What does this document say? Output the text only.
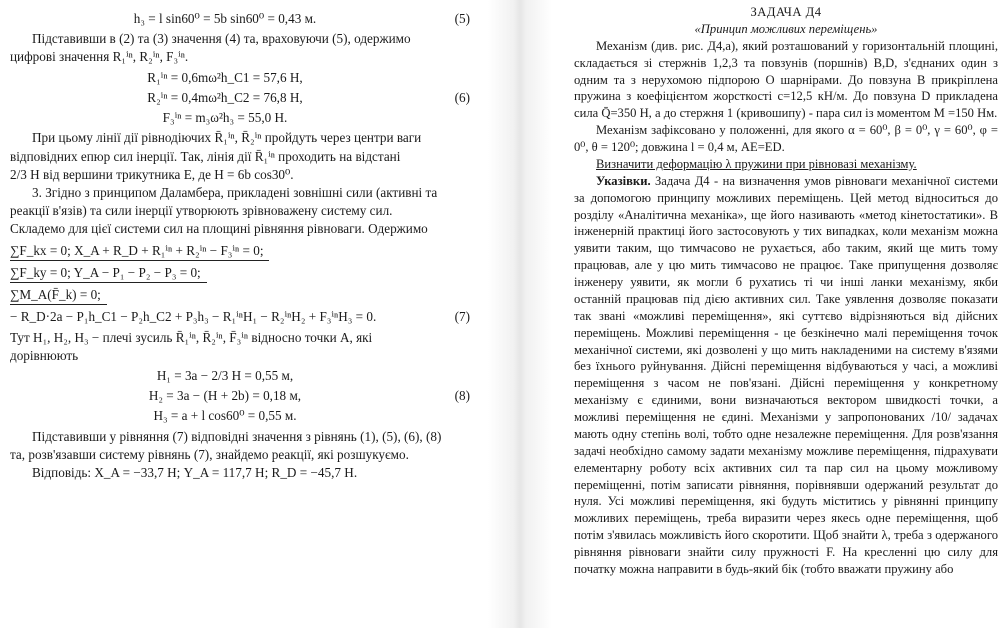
h₃ = l sin60⁰ = 5b sin60⁰ = 0,43 м.	(5)
Підставивши в (2) та (3) значення (4) та, враховуючи (5), одержимо
цифрові значення R₁ⁱⁿ, R₂ⁱⁿ, F₃ⁱⁿ.
R₁ⁱⁿ = 0,6mω²h_C1 = 57,6 Н,
R₂ⁱⁿ = 0,4mω²h_C2 = 76,8 Н,	(6)
F₃ⁱⁿ = m₃ω²h₃ = 55,0 Н.
При цьому лінії дії рівнодіючих R̄₁ⁱⁿ, R̄₂ⁱⁿ пройдуть через центри ваги
відповідних епюр сил інерції. Так, лінія дії R̄₁ⁱⁿ проходить на відстані
2/3 H від вершини трикутника E, де H = 6b cos30⁰.
3. Згідно з принципом Даламбера, прикладені зовнішні сили (активні та
реакції в'язів) та сили інерції утворюють зрівноважену систему сил.
Складемо для цієї системи сил на площині рівняння рівноваги. Одержимо
∑F_kx = 0; X_A + R_D + R₁ⁱⁿ + R₂ⁱⁿ − F₃ⁱⁿ = 0;
∑F_ky = 0; Y_A − P₁ − P₂ − P₃ = 0;
∑M_A(F̄_k) = 0;
− R_D·2a − P₁h_C1 − P₂h_C2 + P₃h₃ − R₁ⁱⁿH₁ − R₂ⁱⁿH₂ + F₃ⁱⁿH₃ = 0.	(7)
Тут H₁, H₂, H₃ − плечі зусиль R̄₁ⁱⁿ, R̄₂ⁱⁿ, F̄₃ⁱⁿ відносно точки A, які
дорівнюють
H₁ = 3a − 2/3 H = 0,55 м,
H₂ = 3a − (H + 2b) = 0,18 м,	(8)
H₃ = a + l cos60⁰ = 0,55 м.
Підставивши у рівняння (7) відповідні значення з рівнянь (1), (5), (6), (8)
та, розв'язавши систему рівнянь (7), знайдемо реакції, які розшукуємо.
Відповідь: X_A = −33,7 Н; Y_A = 117,7 Н; R_D = −45,7 Н.
ЗАДАЧА Д4
«Принцип можливих переміщень»
Механізм (див. рис. Д4,а), який розташований у горизонтальній площині, складається зі стержнів 1,2,3 та повзунів (поршнів) B,D, з'єднаних один з одним та з нерухомою підпорою O шарнірами. До повзуна B прикріплена пружина з коефіцієнтом жорсткості c=12,5 кН/м. До повзуна D прикладена сила Q̄=350 Н, а до стержня 1 (кривошипу) - пара сил із моментом M =150 Нм.
Механізм зафіксовано у положенні, для якого α = 60⁰, β = 0⁰, γ = 60⁰, φ = 0⁰, θ = 120⁰; довжина l = 0,4 м, AE=ED.
Визначити деформацію λ пружини при рівновазі механізму.
Указівки. Задача Д4 - на визначення умов рівноваги механічної системи за допомогою принципу можливих переміщень. Цей метод відноситься до розділу «Аналітична механіка», ще його називають «метод кінетостатики». В інженерній практиці його застосовують у тих випадках, коли механізм можна уявити таким, що тимчасово не рухається, або таким, який ще мить тому працював, але у цю мить тимчасово не працює. Таке припущення дозволяє інженеру уявити, як могли б рухатись ті чи інші ланки механізму, якби останній працював під дією активних сил. Таке уявлення дозволяє показати так звані «можливі переміщення», які суттєво відрізняються від дійсних переміщень. Можливі переміщення - це безкінечно малі переміщення точок механічної системи, які дозволені у що мить накладеними на систему в'язями без їхнього руйнування. Дійсні переміщення відбуваються у часі, а можливі переміщення з часом не пов'язані. Дійсні переміщення у конкретному механізму є єдиними, вони визначаються вектором швидкості точки, а можливі переміщення не єдині. Механізми у запропонованих /10/ задачах мають одну степінь волі, тобто одне незалежне переміщення. Для розв'язання задачі необхідно самому задати механізму можливе переміщення, підрахувати елементарну роботу всіх активних сил та пар сил на цьому можливому переміщенні, потім записати рівняння, порівнявши одержаний результат до нуля. Усі можливі переміщення, які будуть міститись у рівнянні принципу можливих переміщень, треба виразити через якесь одне переміщення, щоб потім з'явилась можливість його скоротити. Щоб знайти λ, треба з одержаного рівняння рівноваги знайти силу пружності F. На кресленні цю силу для початку можна направити в будь-який бік (тобто вважати пружину або
